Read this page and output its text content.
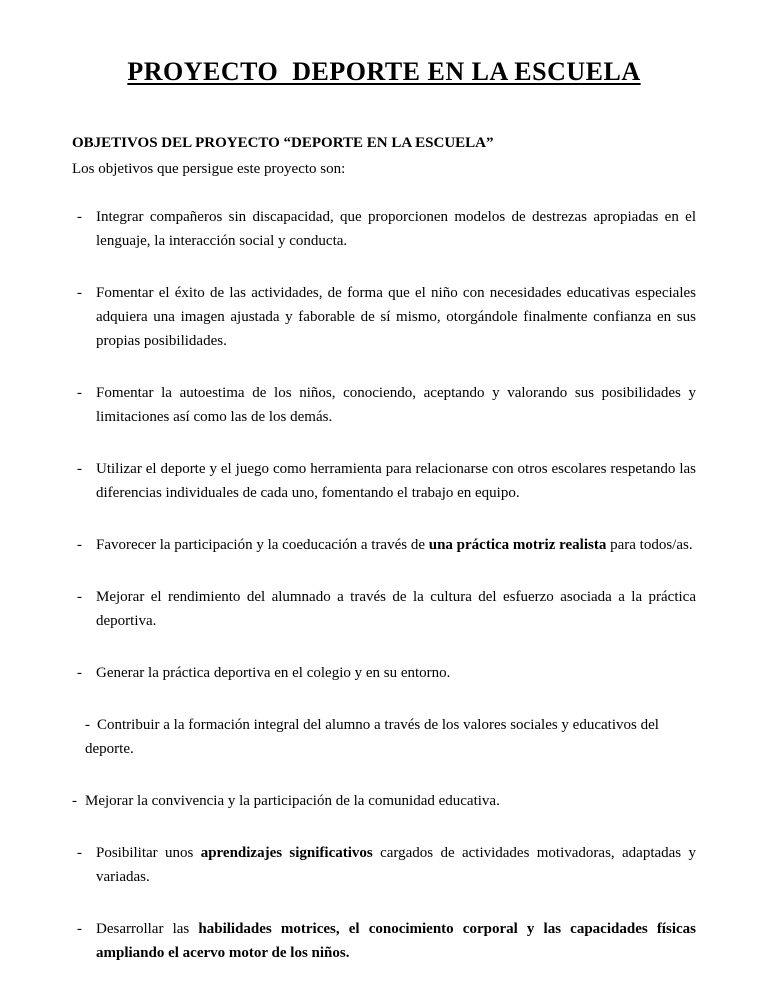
PROYECTO  DEPORTE EN LA ESCUELA
OBJETIVOS DEL PROYECTO “DEPORTE EN LA ESCUELA”

Los objetivos que persigue este proyecto son:

- Integrar compañeros sin discapacidad, que proporcionen modelos de destrezas apropiadas en el lenguaje, la interacción social y conducta.
- Fomentar el éxito de las actividades, de forma que el niño con necesidades educativas especiales adquiera una imagen ajustada y faborable de sí mismo, otorgándole finalmente confianza en sus propias posibilidades.
- Fomentar la autoestima de los niños, conociendo, aceptando y valorando sus posibilidades y limitaciones así como las de los demás.
- Utilizar el deporte y el juego como herramienta para relacionarse con otros escolares respetando las diferencias individuales de cada uno, fomentando el trabajo en equipo.
- Favorecer la participación y la coeducación a través de una práctica motriz realista para todos/as.
- Mejorar el rendimiento del alumnado a través de la cultura del esfuerzo asociada a la práctica deportiva.
- Generar la práctica deportiva en el colegio y en su entorno.
- Contribuir a la formación integral del alumno a través de los valores sociales y educativos del deporte.
- Mejorar la convivencia y la participación de la comunidad educativa.
- Posibilitar unos aprendizajes significativos cargados de actividades motivadoras, adaptadas y variadas.
- Desarrollar las habilidades motrices, el conocimiento corporal y las capacidades físicas ampliando el acervo motor de los niños.
